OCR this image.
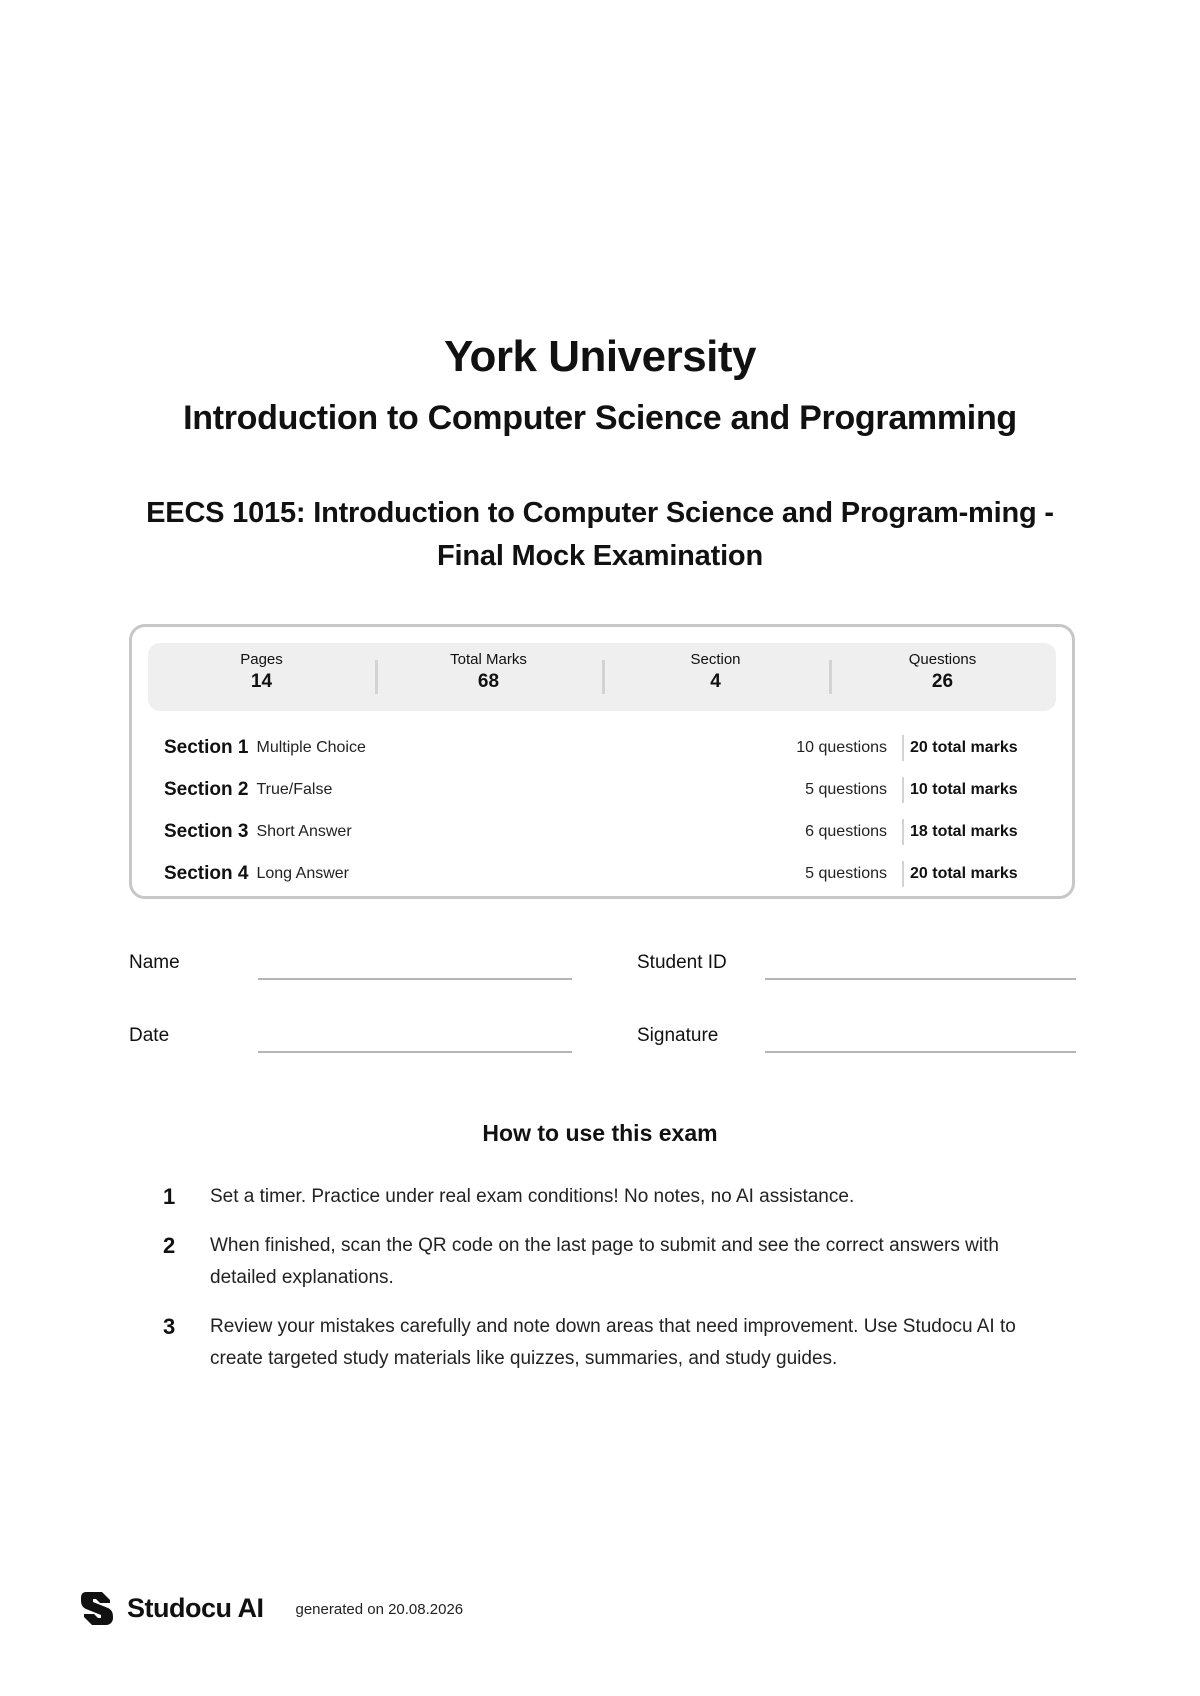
York University
Introduction to Computer Science and Programming
EECS 1015: Introduction to Computer Science and Program-ming - Final Mock Examination
Pages
14
Total Marks
68
Section
4
Questions
26
Section 1 Multiple Choice	10 questions 20 total marks
Section 2 True/False	5 questions 10 total marks
Section 3 Short Answer	6 questions 18 total marks
Section 4 Long Answer	5 questions 20 total marks
Name	Student ID
Date	Signature
How to use this exam
1	Set a timer. Practice under real exam conditions! No notes, no AI assistance.
2	When finished, scan the QR code on the last page to submit and see the correct answers with detailed explanations.
3	Review your mistakes carefully and note down areas that need improvement. Use Studocu AI to create targeted study materials like quizzes, summaries, and study guides.
Studocu AI generated on 20.08.2026
